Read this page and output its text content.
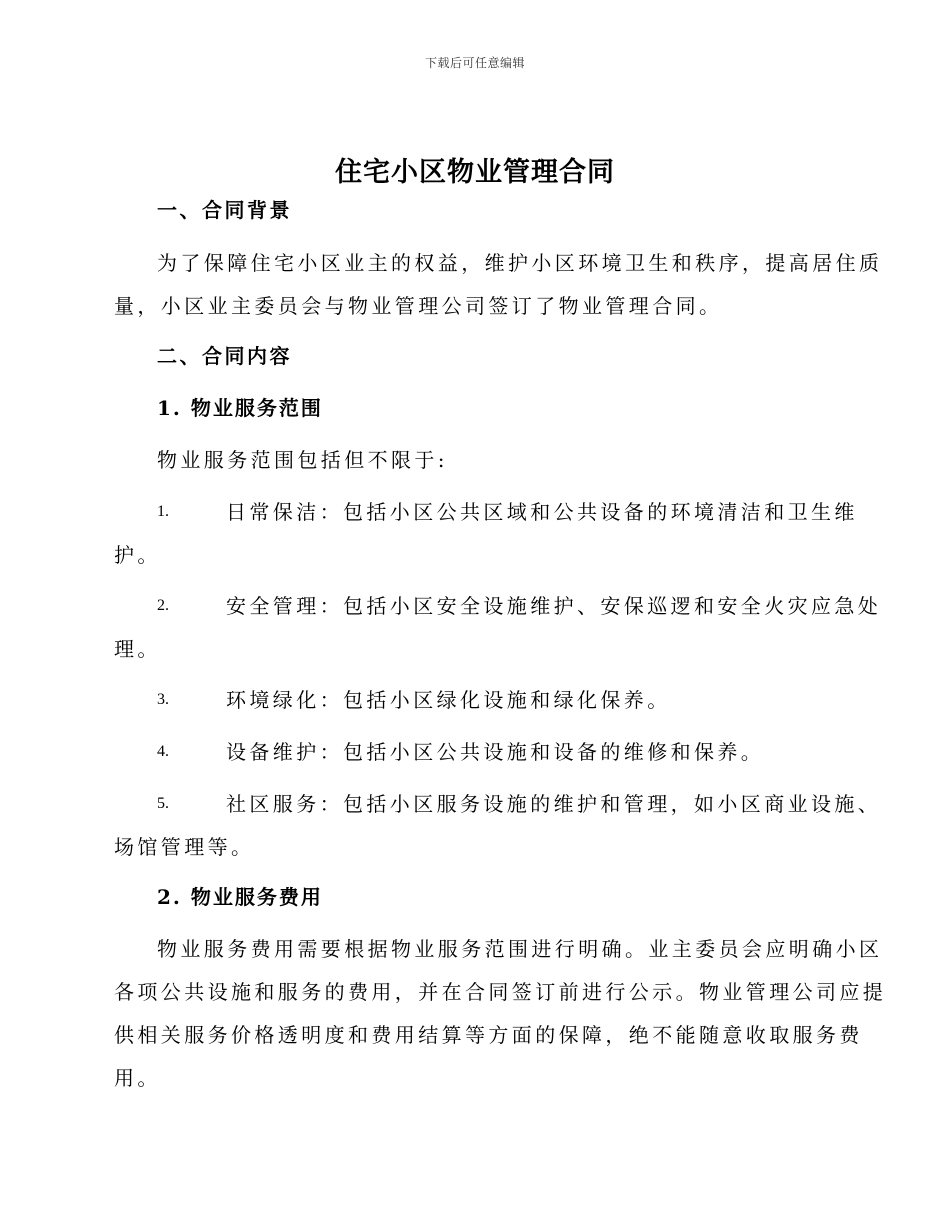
下载后可任意编辑
住宅小区物业管理合同
一、合同背景
为了保障住宅小区业主的权益，维护小区环境卫生和秩序，提高居住质
量，小区业主委员会与物业管理公司签订了物业管理合同。
二、合同内容
1. 物业服务范围
物业服务范围包括但不限于:
1.	日常保洁：包括小区公共区域和公共设备的环境清洁和卫生维
护。
2.	安全管理：包括小区安全设施维护、安保巡逻和安全火灾应急处
理。
3.	环境绿化：包括小区绿化设施和绿化保养。
4.	设备维护：包括小区公共设施和设备的维修和保养。
5.	社区服务：包括小区服务设施的维护和管理，如小区商业设施、
场馆管理等。
2. 物业服务费用
物业服务费用需要根据物业服务范围进行明确。业主委员会应明确小区
各项公共设施和服务的费用，并在合同签订前进行公示。物业管理公司应提
供相关服务价格透明度和费用结算等方面的保障，绝不能随意收取服务费
用。
